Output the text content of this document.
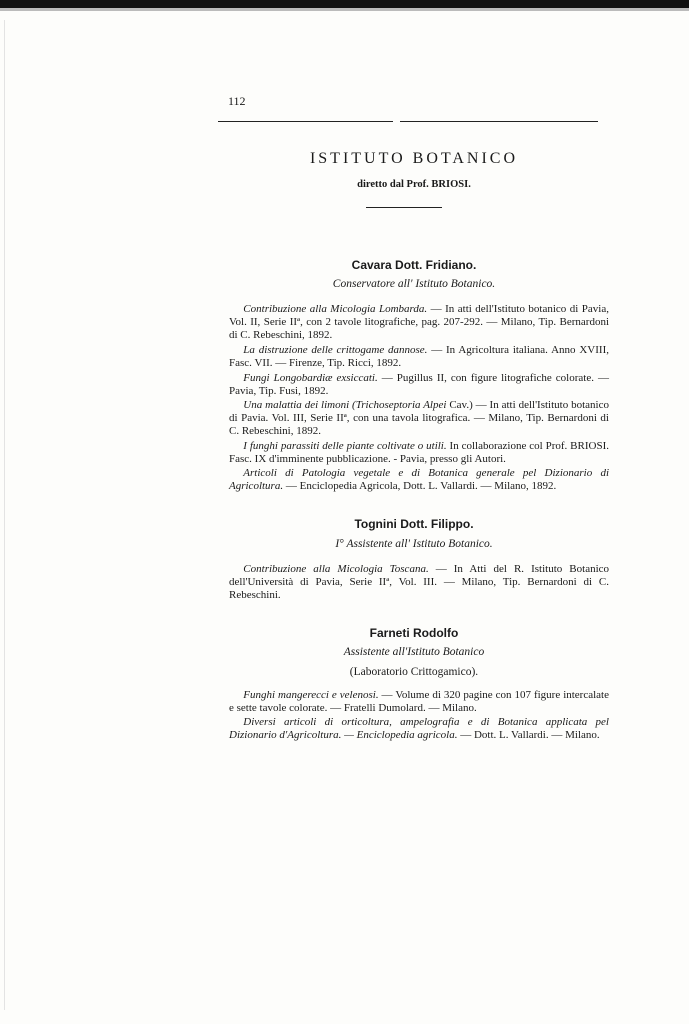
112
ISTITUTO BOTANICO
diretto dal Prof. BRIOSI.
Cavara Dott. Fridiano.
Conservatore all' Istituto Botanico.
Contribuzione alla Micologia Lombarda. — In atti dell'Istituto botanico di Pavia, Vol. II, Serie IIª, con 2 tavole litografiche, pag. 207-292. — Milano, Tip. Bernardoni di C. Rebeschini, 1892.
La distruzione delle crittogame dannose. — In Agricoltura italiana. Anno XVIII, Fasc. VII. — Firenze, Tip. Ricci, 1892.
Fungi Longobardiæ exsiccati. — Pugillus II, con figure litografiche colorate. — Pavia, Tip. Fusi, 1892.
Una malattia dei limoni (Trichoseptoria Alpei Cav.) — In atti dell'Istituto botanico di Pavia. Vol. III, Serie IIª, con una tavola litografica. — Milano, Tip. Bernardoni di C. Rebeschini, 1892.
I funghi parassiti delle piante coltivate o utili. In collaborazione col Prof. BRIOSI. Fasc. IX d'imminente pubblicazione. - Pavia, presso gli Autori.
Articoli di Patologia vegetale e di Botanica generale pel Dizionario di Agricoltura. — Enciclopedia Agricola, Dott. L. Vallardi. — Milano, 1892.
Tognini Dott. Filippo.
I° Assistente all' Istituto Botanico.
Contribuzione alla Micologia Toscana. — In Atti del R. Istituto Botanico dell'Università di Pavia, Serie IIª, Vol. III. — Milano, Tip. Bernardoni di C. Rebeschini.
Farneti Rodolfo
Assistente all'Istituto Botanico
(Laboratorio Crittogamico).
Funghi mangerecci e velenosi. — Volume di 320 pagine con 107 figure intercalate e sette tavole colorate. — Fratelli Dumolard. — Milano.
Diversi articoli di orticoltura, ampelografia e di Botanica applicata pel Dizionario d'Agricoltura. — Enciclopedia agricola. — Dott. L. Vallardi. — Milano.
